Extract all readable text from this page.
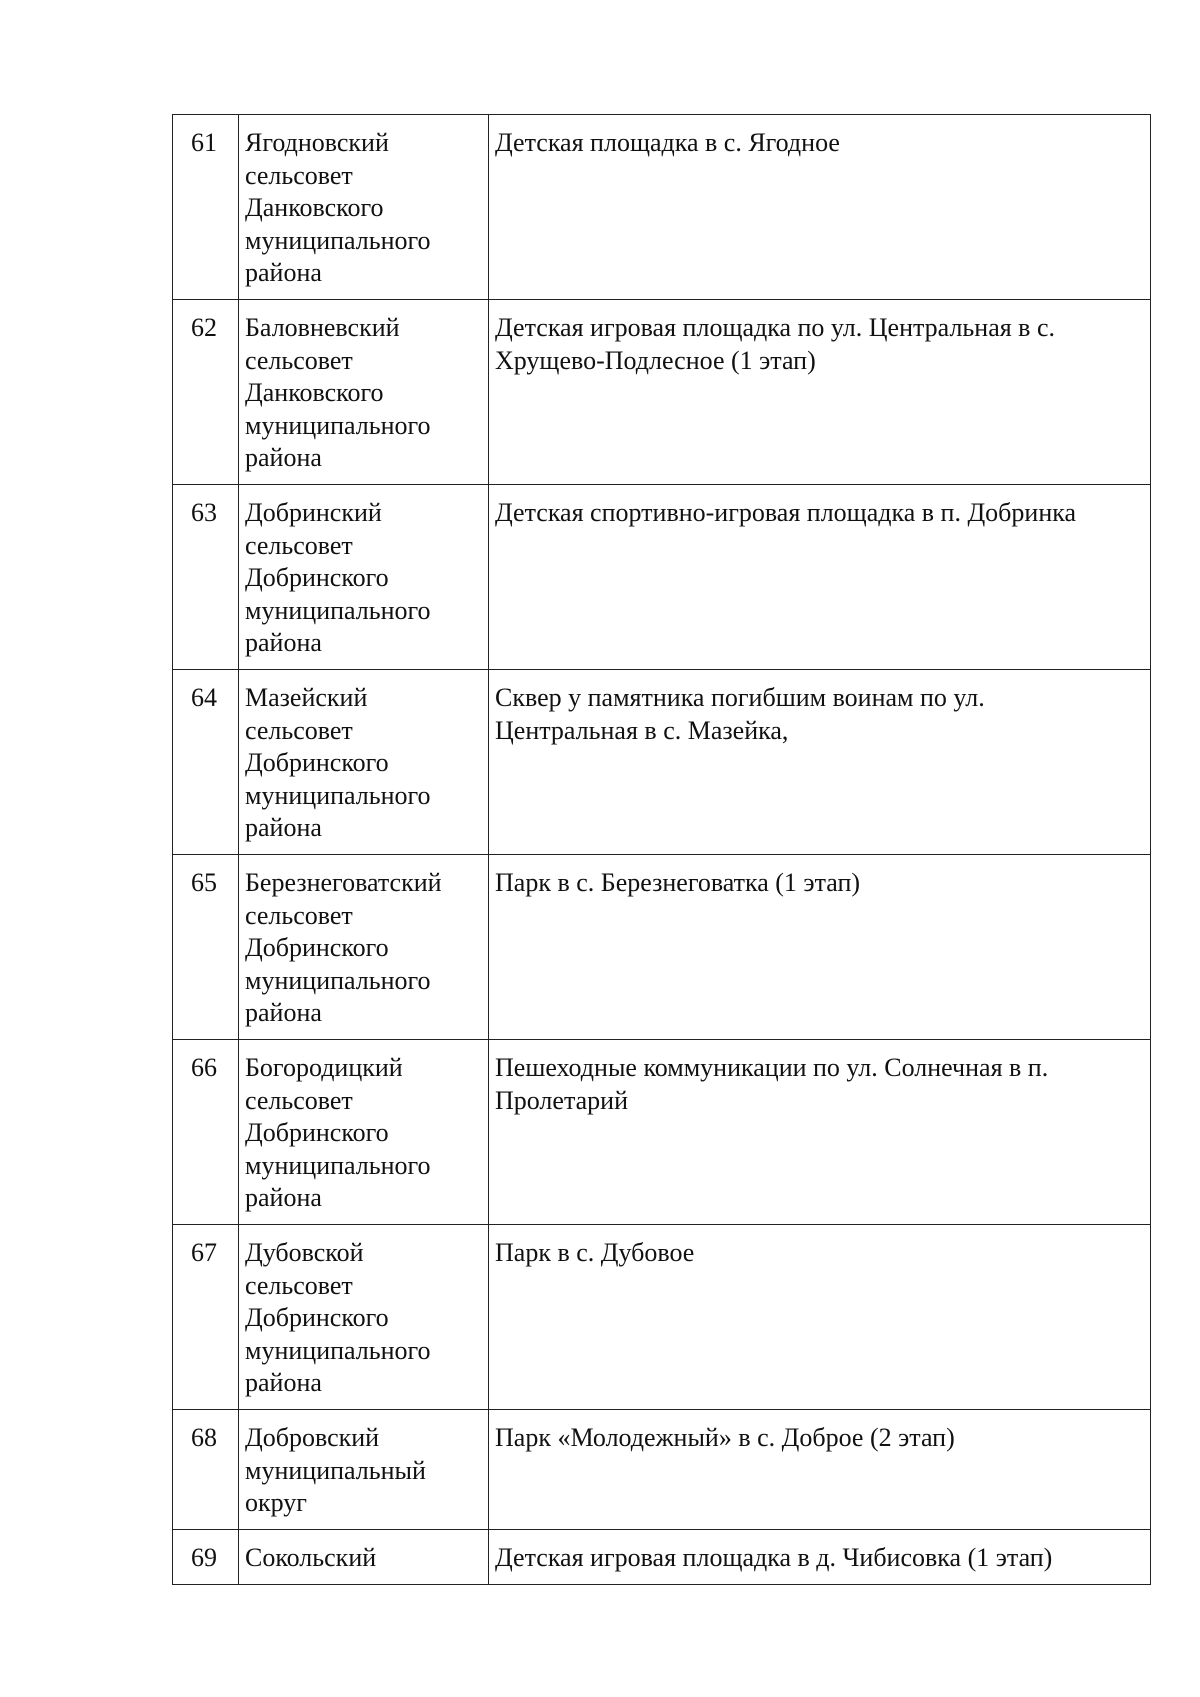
61	Ягодновский
сельсовет
Данковского
муниципального
района	Детская площадка в с. Ягодное
62	Баловневский
сельсовет
Данковского
муниципального
района	Детская игровая площадка по ул. Центральная в с.
Хрущево-Подлесное (1 этап)
63	Добринский
сельсовет
Добринского
муниципального
района	Детская спортивно-игровая площадка в п. Добринка
64	Мазейский
сельсовет
Добринского
муниципального
района	Сквер у памятника погибшим воинам по ул.
Центральная в с. Мазейка,
65	Березнеговатский
сельсовет
Добринского
муниципального
района	Парк в с. Березнеговатка (1 этап)
66	Богородицкий
сельсовет
Добринского
муниципального
района	Пешеходные коммуникации по ул. Солнечная в п.
Пролетарий
67	Дубовской
сельсовет
Добринского
муниципального
района	Парк в с. Дубовое
68	Добровский
муниципальный
округ	Парк «Молодежный» в с. Доброе (2 этап)
69	Сокольский	Детская игровая площадка в д. Чибисовка (1 этап)
